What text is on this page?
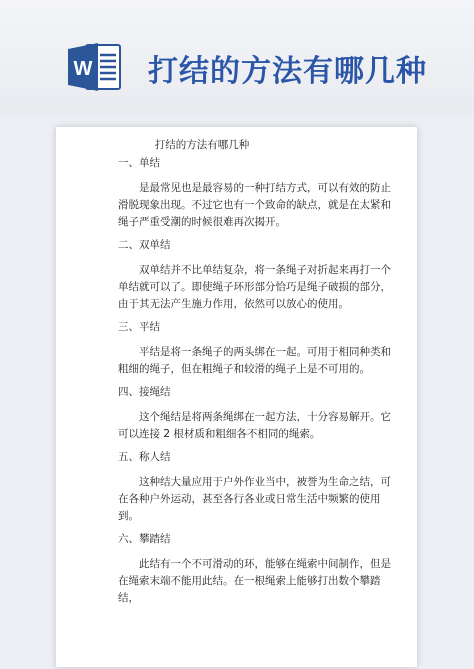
W 打结的方法有哪几种
打结的方法有哪几种
一、单结
是最常见也是最容易的一种打结方式，可以有效的防止滑脱现象出现。不过它也有一个致命的缺点，就是在太紧和绳子严重受潮的时候很难再次揭开。
二、双单结
双单结并不比单结复杂，将一条绳子对折起来再打一个单结就可以了。即使绳子环形部分恰巧是绳子破损的部分，由于其无法产生施力作用，依然可以放心的使用。
三、平结
平结是将一条绳子的两头绑在一起。可用于相同种类和粗细的绳子，但在粗绳子和较滑的绳子上是不可用的。
四、接绳结
这个绳结是将两条绳绑在一起方法，十分容易解开。它可以连接 2 根材质和粗细各不相同的绳索。
五、称人结
这种结大量应用于户外作业当中，被誉为生命之结，可在各种户外运动，甚至各行各业或日常生活中频繁的使用到。
六、攀踏结
此结有一个不可滑动的环，能够在绳索中间制作，但是在绳索末端不能用此结。在一根绳索上能够打出数个攀踏结，
